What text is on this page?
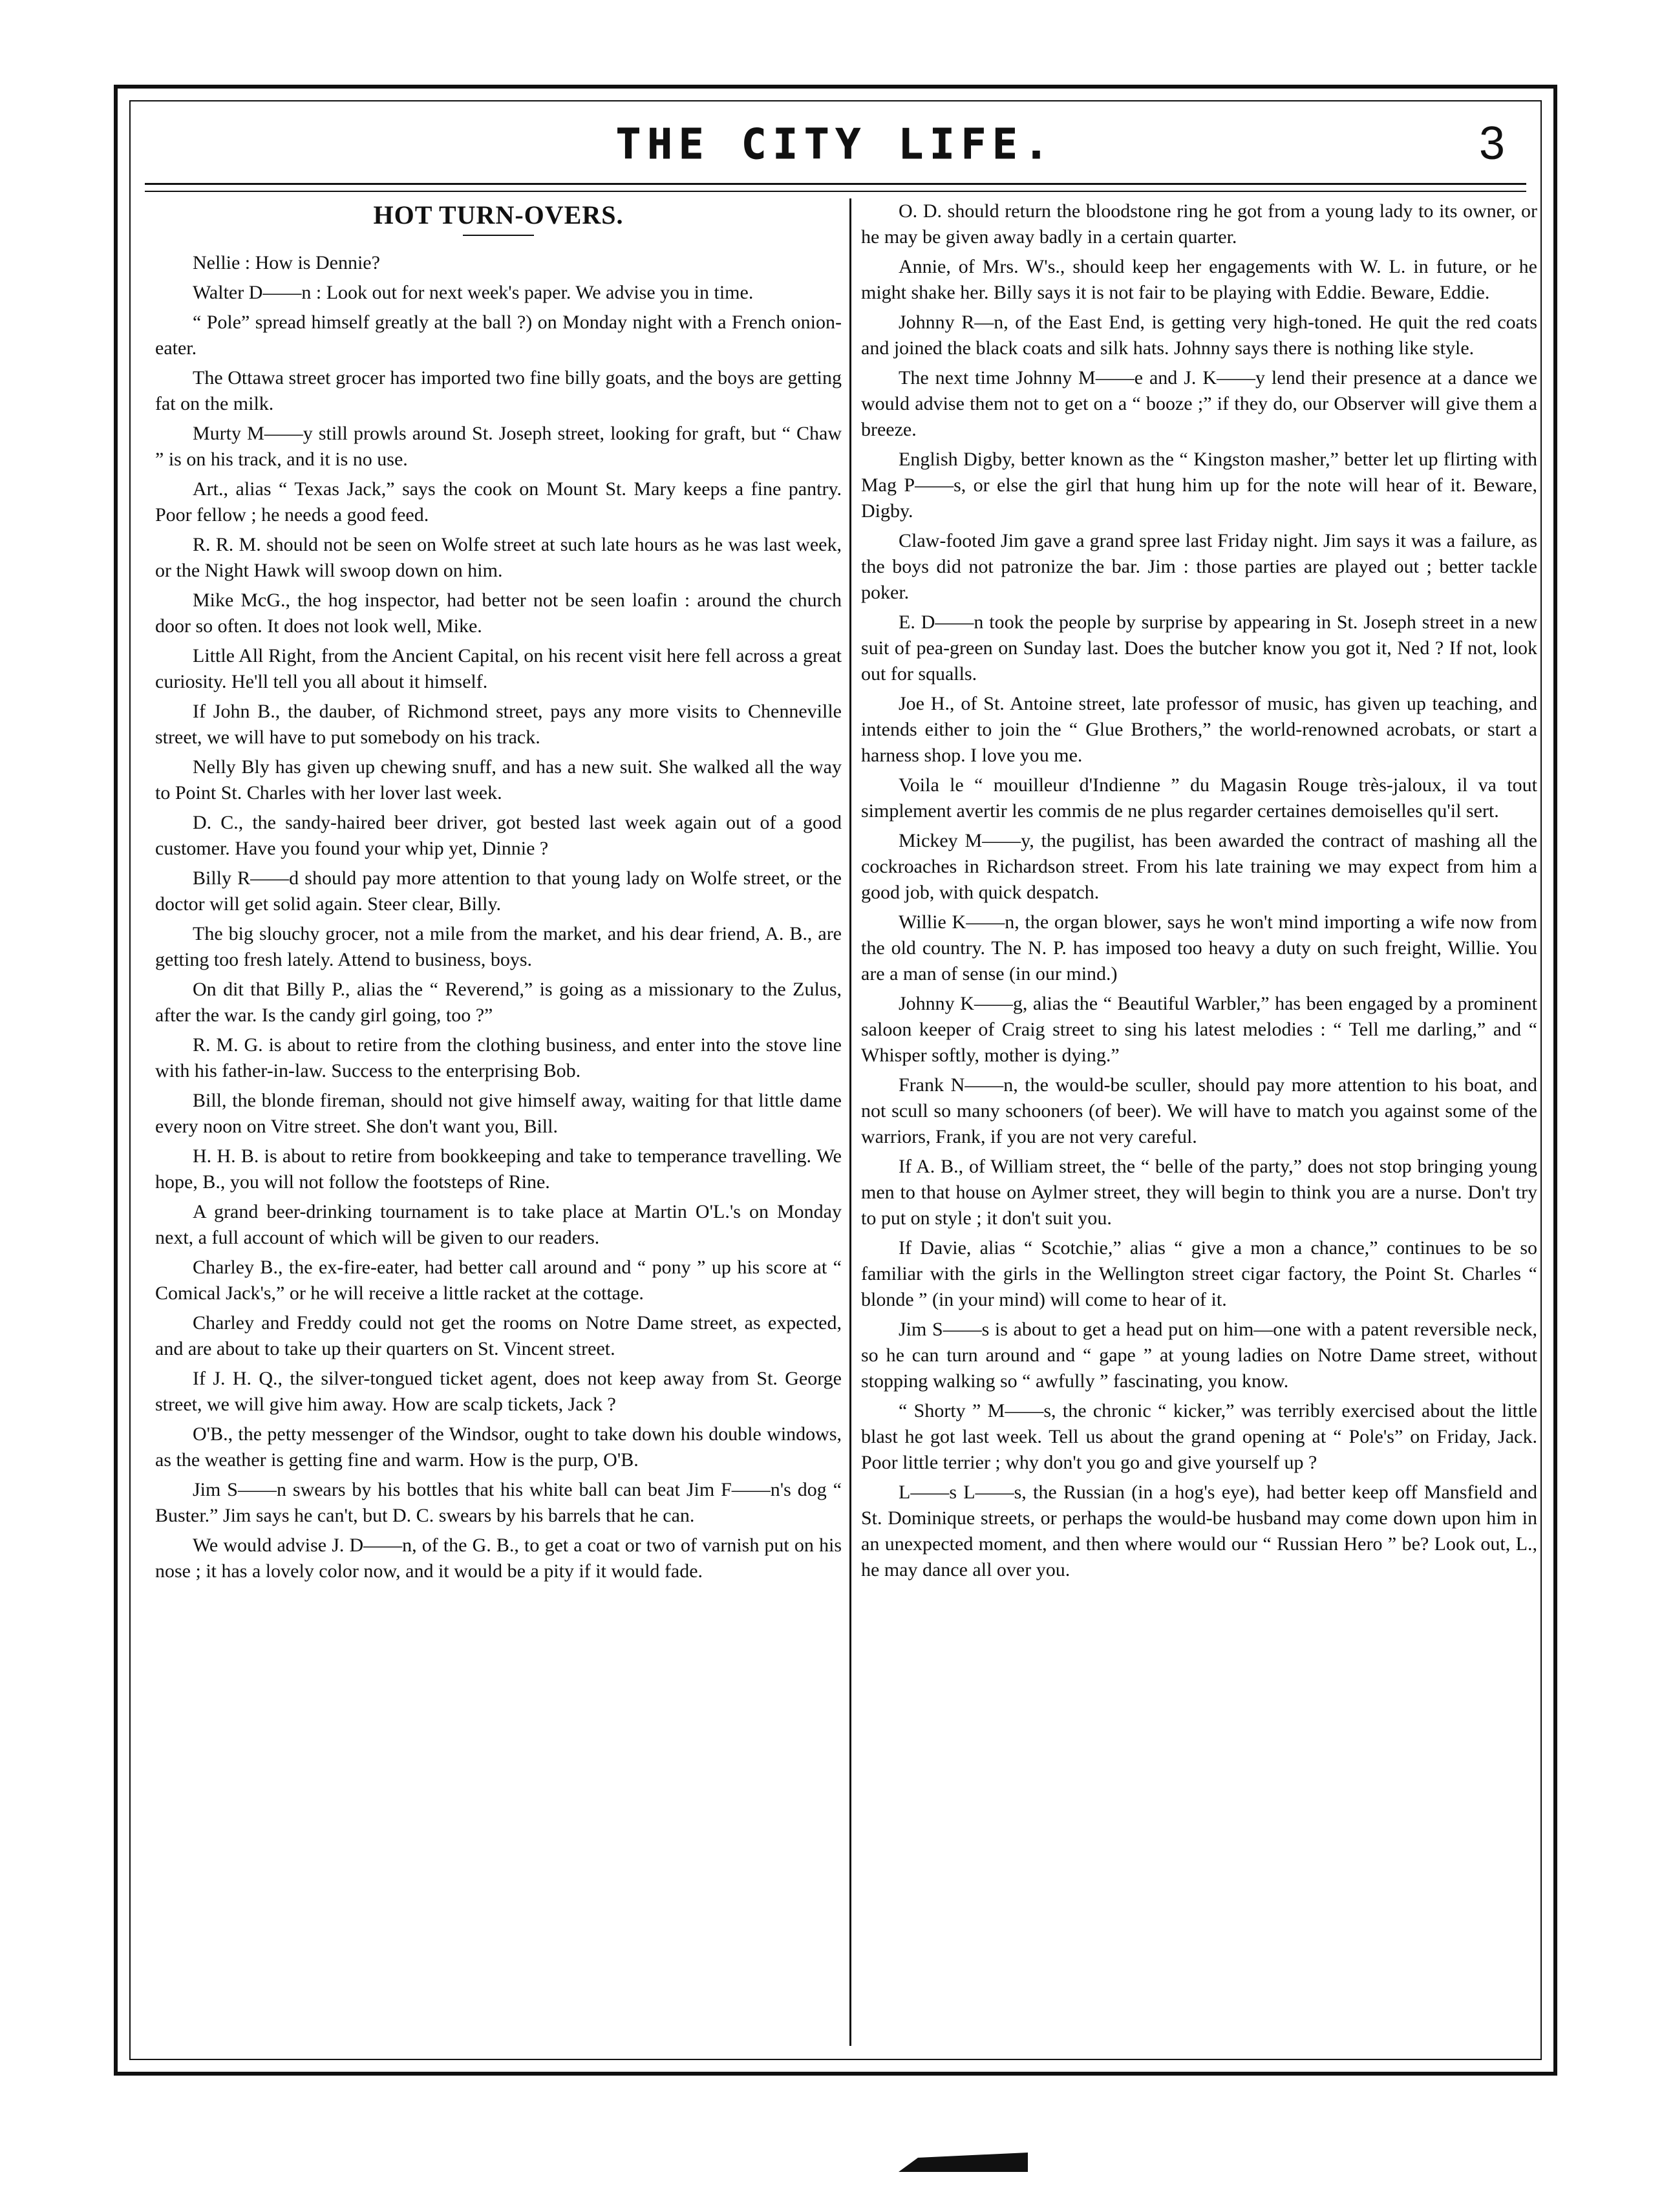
THE CITY LIFE.	3
HOT TURN-OVERS.

Nellie : How is Dennie?

Walter D——n : Look out for next week's paper. We advise you in time.

“ Pole” spread himself greatly at the ball ?) on Monday night with a French onion-eater.

The Ottawa street grocer has imported two fine billy goats, and the boys are getting fat on the milk.

Murty M——y still prowls around St. Joseph street, looking for graft, but “ Chaw ” is on his track, and it is no use.

Art., alias “ Texas Jack,” says the cook on Mount St. Mary keeps a fine pantry. Poor fellow ; he needs a good feed.

R. R. M. should not be seen on Wolfe street at such late hours as he was last week, or the Night Hawk will swoop down on him.

Mike McG., the hog inspector, had better not be seen loafin : around the church door so often. It does not look well, Mike.

Little All Right, from the Ancient Capital, on his recent visit here fell across a great curiosity. He'll tell you all about it himself.

If John B., the dauber, of Richmond street, pays any more visits to Chenneville street, we will have to put somebody on his track.

Nelly Bly has given up chewing snuff, and has a new suit. She walked all the way to Point St. Charles with her lover last week.

D. C., the sandy-haired beer driver, got bested last week again out of a good customer. Have you found your whip yet, Dinnie ?

Billy R——d should pay more attention to that young lady on Wolfe street, or the doctor will get solid again. Steer clear, Billy.

The big slouchy grocer, not a mile from the market, and his dear friend, A. B., are getting too fresh lately. Attend to business, boys.

On dit that Billy P., alias the “ Reverend,” is going as a missionary to the Zulus, after the war. Is the candy girl going, too ?”

R. M. G. is about to retire from the clothing business, and enter into the stove line with his father-in-law. Success to the enterprising Bob.

Bill, the blonde fireman, should not give himself away, waiting for that little dame every noon on Vitre street. She don't want you, Bill.

H. H. B. is about to retire from bookkeeping and take to temperance travelling. We hope, B., you will not follow the footsteps of Rine.

A grand beer-drinking tournament is to take place at Martin O'L.'s on Monday next, a full account of which will be given to our readers.

Charley B., the ex-fire-eater, had better call around and “ pony ” up his score at “ Comical Jack's,” or he will receive a little racket at the cottage.

Charley and Freddy could not get the rooms on Notre Dame street, as expected, and are about to take up their quarters on St. Vincent street.

If J. H. Q., the silver-tongued ticket agent, does not keep away from St. George street, we will give him away. How are scalp tickets, Jack ?

O'B., the petty messenger of the Windsor, ought to take down his double windows, as the weather is getting fine and warm. How is the purp, O'B.

Jim S——n swears by his bottles that his white ball can beat Jim F——n's dog “ Buster.” Jim says he can't, but D. C. swears by his barrels that he can.

We would advise J. D——n, of the G. B., to get a coat or two of varnish put on his nose ; it has a lovely color now, and it would be a pity if it would fade.

O. D. should return the bloodstone ring he got from a young lady to its owner, or he may be given away badly in a certain quarter.

Annie, of Mrs. W's., should keep her engagements with W. L. in future, or he might shake her. Billy says it is not fair to be playing with Eddie. Beware, Eddie.

Johnny R—n, of the East End, is getting very high-toned. He quit the red coats and joined the black coats and silk hats. Johnny says there is nothing like style.

The next time Johnny M——e and J. K——y lend their presence at a dance we would advise them not to get on a “ booze ;” if they do, our Observer will give them a breeze.

English Digby, better known as the “ Kingston masher,” better let up flirting with Mag P——s, or else the girl that hung him up for the note will hear of it. Beware, Digby.

Claw-footed Jim gave a grand spree last Friday night. Jim says it was a failure, as the boys did not patronize the bar. Jim : those parties are played out ; better tackle poker.

E. D——n took the people by surprise by appearing in St. Joseph street in a new suit of pea-green on Sunday last. Does the butcher know you got it, Ned ? If not, look out for squalls.

Joe H., of St. Antoine street, late professor of music, has given up teaching, and intends either to join the “ Glue Brothers,” the world-renowned acrobats, or start a harness shop. I love you me.

Voila le “ mouilleur d'Indienne ” du Magasin Rouge très-jaloux, il va tout simplement avertir les commis de ne plus regarder certaines demoiselles qu'il sert.

Mickey M——y, the pugilist, has been awarded the contract of mashing all the cockroaches in Richardson street. From his late training we may expect from him a good job, with quick despatch.

Willie K——n, the organ blower, says he won't mind importing a wife now from the old country. The N. P. has imposed too heavy a duty on such freight, Willie. You are a man of sense (in our mind.)

Johnny K——g, alias the “ Beautiful Warbler,” has been engaged by a prominent saloon keeper of Craig street to sing his latest melodies : “ Tell me darling,” and “ Whisper softly, mother is dying.”

Frank N——n, the would-be sculler, should pay more attention to his boat, and not scull so many schooners (of beer). We will have to match you against some of the warriors, Frank, if you are not very careful.

If A. B., of William street, the “ belle of the party,” does not stop bringing young men to that house on Aylmer street, they will begin to think you are a nurse. Don't try to put on style ; it don't suit you.

If Davie, alias “ Scotchie,” alias “ give a mon a chance,” continues to be so familiar with the girls in the Wellington street cigar factory, the Point St. Charles “ blonde ” (in your mind) will come to hear of it.

Jim S——s is about to get a head put on him—one with a patent reversible neck, so he can turn around and “ gape ” at young ladies on Notre Dame street, without stopping walking so “ awfully ” fascinating, you know.

“ Shorty ” M——s, the chronic “ kicker,” was terribly exercised about the little blast he got last week. Tell us about the grand opening at “ Pole's” on Friday, Jack. Poor little terrier ; why don't you go and give yourself up ?

L——s L——s, the Russian (in a hog's eye), had better keep off Mansfield and St. Dominique streets, or perhaps the would-be husband may come down upon him in an unexpected moment, and then where would our “ Russian Hero ” be? Look out, L., he may dance all over you.
